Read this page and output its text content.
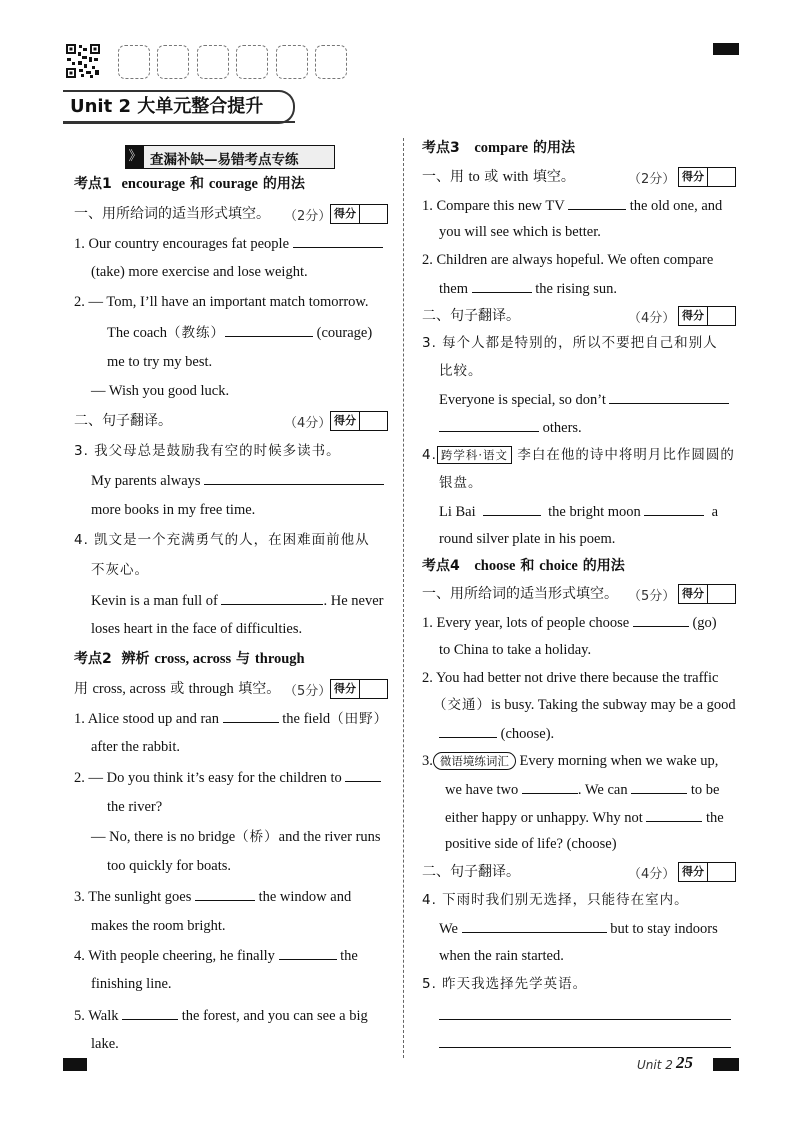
Unit 2 大单元整合提升
》 查漏补缺—易错考点专练
考点1 encourage 和 courage 的用法
一、用所给词的适当形式填空。 （2分） 得分
1. Our country encourages fat people
(take) more exercise and lose weight.
2. — Tom, I’ll have an important match tomorrow.
The coach（教练）	(courage)
me to try my best.
— Wish you good luck.
二、句子翻译。	（4分） 得分
3. 我父母总是鼓励我有空的时候多读书。
My parents always
more books in my free time.
4. 凯文是一个充满勇气的人，在困难面前他从
不灰心。
Kevin is a man full of	. He never
loses heart in the face of difficulties.
考点2 辨析 cross, across 与 through
用 cross, across 或 through 填空。 （5分） 得分
1. Alice stood up and ran	the field（田野）
after the rabbit.
2. — Do you think it’s easy for the children to
the river?
— No, there is no bridge（桥）and the river runs
too quickly for boats.
3. The sunlight goes	the window and
makes the room bright.
4. With people cheering, he finally	the
finishing line.
5. Walk	the forest, and you can see a big
lake.
考点3 compare 的用法
一、用 to 或 with 填空。	（2分） 得分
1. Compare this new TV	the old one, and
you will see which is better.
2. Children are always hopeful. We often compare
them	the rising sun.
二、句子翻译。	（4分） 得分
3. 每个人都是特别的，所以不要把自己和别人
比较。
Everyone is special, so don’t
others.
4. 跨学科·语文 李白在他的诗中将明月比作圆圆的
银盘。
Li Bai	the bright moon	a
round silver plate in his poem.
考点4 choose 和 choice 的用法
一、用所给词的适当形式填空。 （5分） 得分
1. Every year, lots of people choose	(go)
to China to take a holiday.
2. You had better not drive there because the traffic
（交通）is busy. Taking the subway may be a good
(choose).
3. 微语境练词汇 Every morning when we wake up,
we have two	. We can	to be
either happy or unhappy. Why not	the
positive side of life? (choose)
二、句子翻译。	（4分） 得分
4. 下雨时我们别无选择，只能待在室内。
We	but to stay indoors
when the rain started.
5. 昨天我选择先学英语。
Unit 2 25
